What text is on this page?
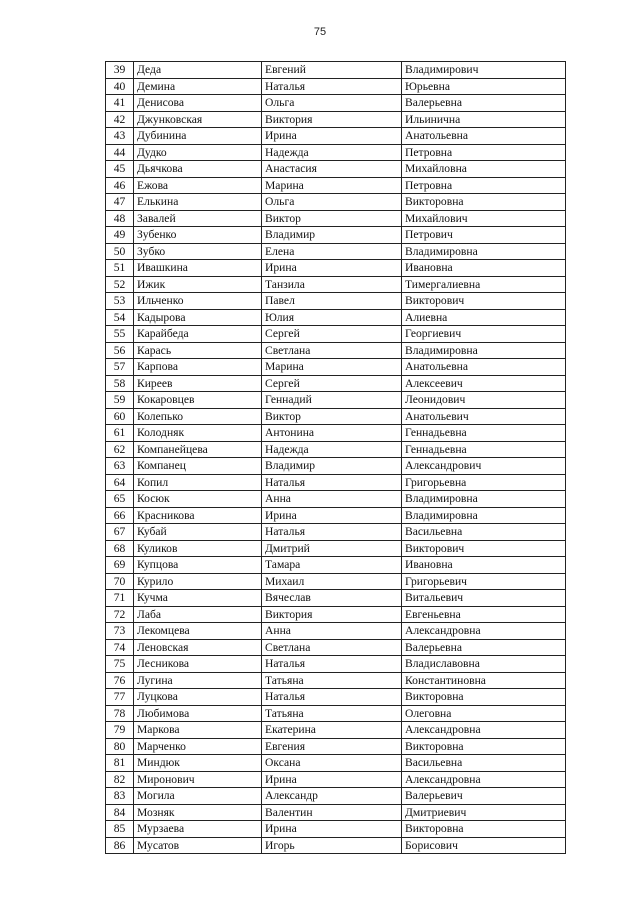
75
39	Деда	Евгений	Владимирович
40	Демина	Наталья	Юрьевна
41	Денисова	Ольга	Валерьевна
42	Джунковская	Виктория	Ильинична
43	Дубинина	Ирина	Анатольевна
44	Дудко	Надежда	Петровна
45	Дьячкова	Анастасия	Михайловна
46	Ежова	Марина	Петровна
47	Елькина	Ольга	Викторовна
48	Завалей	Виктор	Михайлович
49	Зубенко	Владимир	Петрович
50	Зубко	Елена	Владимировна
51	Ивашкина	Ирина	Ивановна
52	Ижик	Танзила	Тимергалиевна
53	Ильченко	Павел	Викторович
54	Кадырова	Юлия	Алиевна
55	Карайбеда	Сергей	Георгиевич
56	Карась	Светлана	Владимировна
57	Карпова	Марина	Анатольевна
58	Киреев	Сергей	Алексеевич
59	Кокаровцев	Геннадий	Леонидович
60	Колепько	Виктор	Анатольевич
61	Колодняк	Антонина	Геннадьевна
62	Компанейцева	Надежда	Геннадьевна
63	Компанец	Владимир	Александрович
64	Копил	Наталья	Григорьевна
65	Косюк	Анна	Владимировна
66	Красникова	Ирина	Владимировна
67	Кубай	Наталья	Васильевна
68	Куликов	Дмитрий	Викторович
69	Купцова	Тамара	Ивановна
70	Курило	Михаил	Григорьевич
71	Кучма	Вячеслав	Витальевич
72	Лаба	Виктория	Евгеньевна
73	Лекомцева	Анна	Александровна
74	Леновская	Светлана	Валерьевна
75	Лесникова	Наталья	Владиславовна
76	Лугина	Татьяна	Константиновна
77	Луцкова	Наталья	Викторовна
78	Любимова	Татьяна	Олеговна
79	Маркова	Екатерина	Александровна
80	Марченко	Евгения	Викторовна
81	Миндюк	Оксана	Васильевна
82	Миронович	Ирина	Александровна
83	Могила	Александр	Валерьевич
84	Мозняк	Валентин	Дмитриевич
85	Мурзаева	Ирина	Викторовна
86	Мусатов	Игорь	Борисович
